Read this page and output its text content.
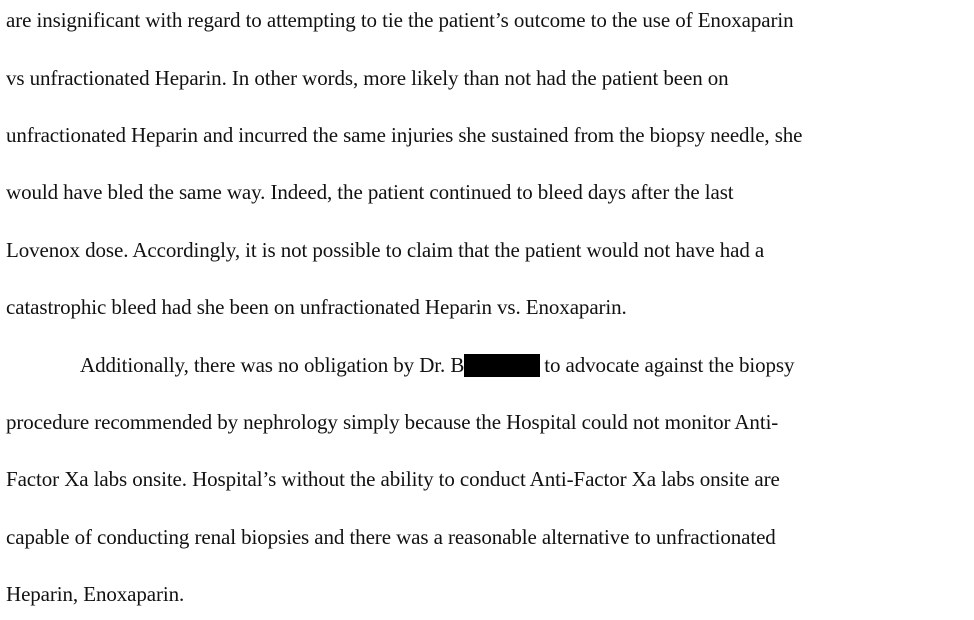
are insignificant with regard to attempting to tie the patient’s outcome to the use of Enoxaparin
vs unfractionated Heparin. In other words, more likely than not had the patient been on
unfractionated Heparin and incurred the same injuries she sustained from the biopsy needle, she
would have bled the same way. Indeed, the patient continued to bleed days after the last
Lovenox dose. Accordingly, it is not possible to claim that the patient would not have had a
catastrophic bleed had she been on unfractionated Heparin vs. Enoxaparin.
Additionally, there was no obligation by Dr. B	to advocate against the biopsy
procedure recommended by nephrology simply because the Hospital could not monitor Anti-
Factor Xa labs onsite. Hospital’s without the ability to conduct Anti-Factor Xa labs onsite are
capable of conducting renal biopsies and there was a reasonable alternative to unfractionated
Heparin, Enoxaparin.
